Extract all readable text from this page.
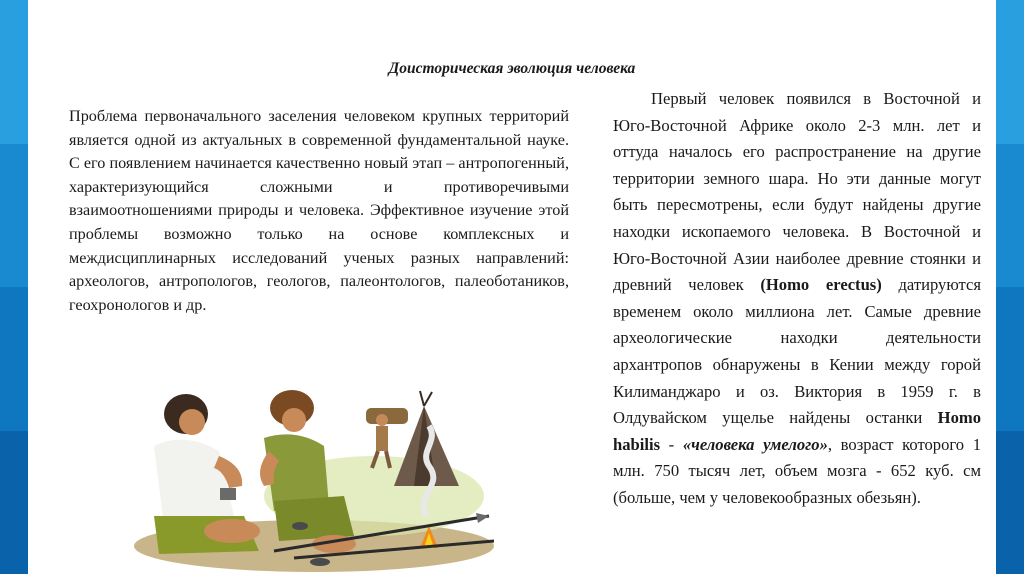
Доисторическая эволюция человека
Проблема первоначального заселения человеком крупных территорий является одной из актуальных в современной фундаментальной науке. С его появлением начинается качественно новый этап – антропогенный, характеризующийся сложными и противоречивыми взаимоотношениями природы и человека. Эффективное изучение этой проблемы возможно только на основе комплексных и междисциплинарных исследований ученых разных направлений: археологов, антропологов, геологов, палеонтологов, палеоботаников, геохронологов и др.
Первый человек появился в Восточной и Юго-Восточной Африке около 2-3 млн. лет и оттуда началось его распространение на другие территории земного шара. Но эти данные могут быть пересмотрены, если будут найдены другие находки ископаемого человека. В Восточной и Юго-Восточной Азии наиболее древние стоянки и древний человек (Homo erectus) датируются временем около миллиона лет. Самые древние археологические находки деятельности архантропов обнаружены в Кении между горой Килиманджаро и оз. Виктория в 1959 г. в Олдувайском ущелье найдены останки Homo habilis - «человека умелого», возраст которого 1 млн. 750 тысяч лет, объем мозга - 652 куб. см (больше, чем у человекообразных обезьян).
